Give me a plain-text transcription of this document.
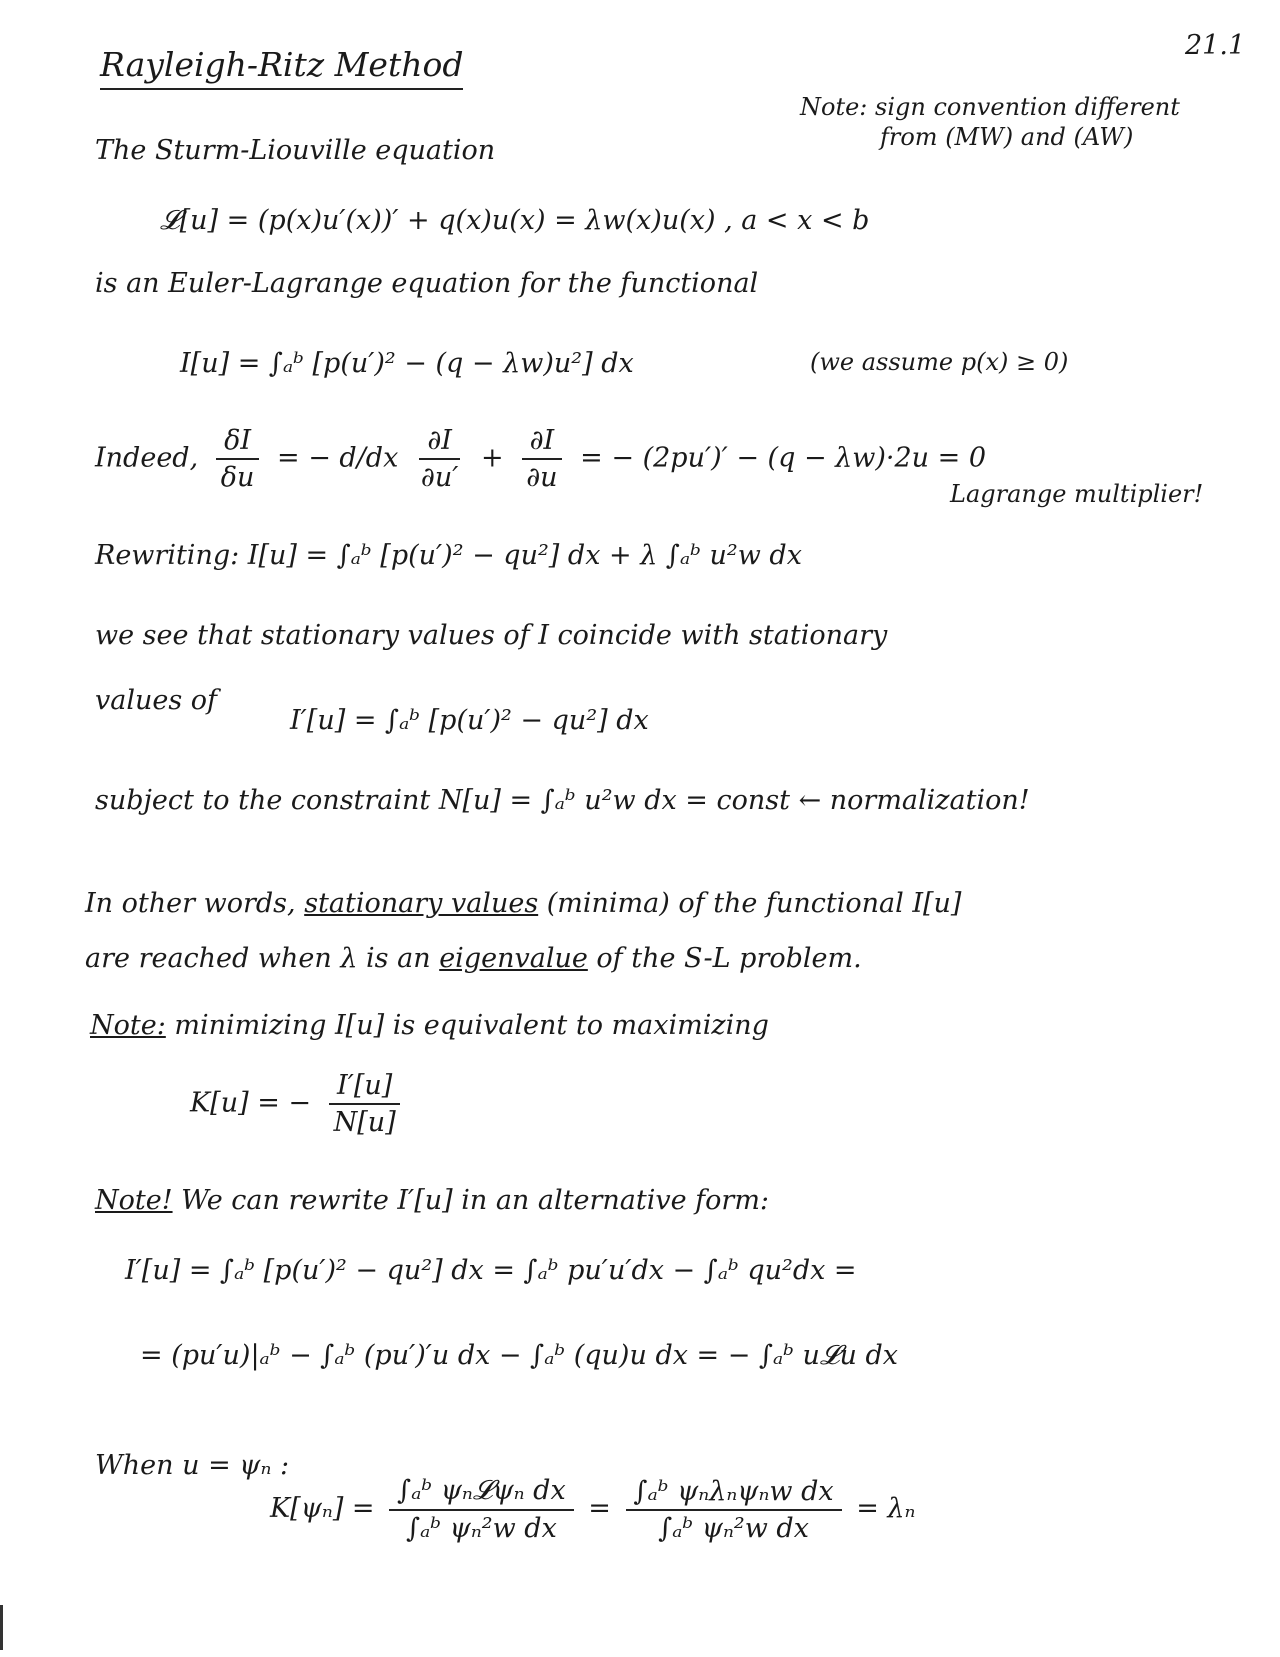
21.1
Rayleigh-Ritz Method
Note: sign convention different
from (MW) and (AW)
The Sturm-Liouville equation
𝓛[u] = (p(x)u′(x))′ + q(x)u(x) = λw(x)u(x) , a < x < b
is an Euler-Lagrange equation for the functional
I[u] = ∫ₐᵇ [p(u′)² − (q − λw)u²] dx	(we assume p(x) ≥ 0)
Indeed, $\frac{\delta I}{\delta u}$ = − $d/dx \frac{\partial I}{\partial u'} + \frac{\partial I}{\partial u}$ = − (2pu′)′ − (q − λw)·2u = 0
Lagrange multiplier!
Rewriting: I[u] = ∫ₐᵇ [p(u′)² − qu²] dx + λ ∫ₐᵇ u²w dx
we see that stationary values of I coincide with stationary
values of
I′[u] = ∫ₐᵇ [p(u′)² − qu²] dx
subject to the constraint N[u] = ∫ₐᵇ u²w dx = const ← normalization!
In other words, stationary values (minima) of the functional I[u]
are reached when λ is an eigenvalue of the S-L problem.
Note: minimizing I[u] is equivalent to maximizing
K[u] = − $\frac{I'[u]}{N[u]}$
Note! We can rewrite I′[u] in an alternative form:
I′[u] = ∫ₐᵇ [p(u′)² − qu²] dx = ∫ₐᵇ pu′u′dx − ∫ₐᵇ qu²dx =
= (pu′u)|ₐᵇ − ∫ₐᵇ (pu′)′u dx − ∫ₐᵇ (qu)u dx = − ∫ₐᵇ u𝓛u dx
When u = ψₙ :
$K[\psi_n] = \frac{\text{∫ₐᵇ ψₙ𝓛ψₙ dx}}{\text{∫ₐᵇ ψₙ²w dx}} = \frac{\text{∫ₐᵇ ψₙλₙψₙw dx}}{\text{∫ₐᵇ ψₙ²w dx}} = \lambda_n$
